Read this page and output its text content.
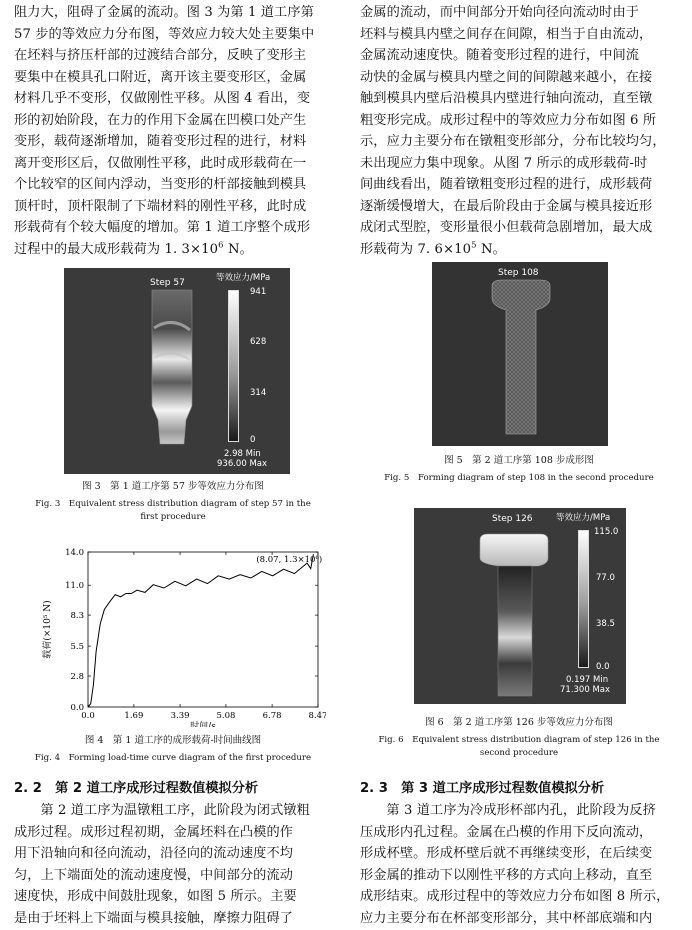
阻力大，阻碍了金属的流动。图 3 为第 1 道工序第

57 步的等效应力分布图，等效应力较大处主要集中

在坯料与挤压杆部的过渡结合部分，反映了变形主

要集中在模具孔口附近，离开该主要变形区，金属

材料几乎不变形，仅做刚性平移。从图 4 看出，变

形的初始阶段，在力的作用下金属在凹模口处产生

变形，载荷逐渐增加，随着变形过程的进行，材料

离开变形区后，仅做刚性平移，此时成形载荷在一

个比较窄的区间内浮动，当变形的杆部接触到模具

顶杆时，顶杆限制了下端材料的刚性平移，此时成

形载荷有个较大幅度的增加。第 1 道工序整个成形

过程中的最大成形载荷为 1. $3\times 10^6$ N。

Step 57	等效应力/MPa
941
628
314
0
2.98 Min
936.00 Max

图 3　第 1 道工序第 57 步等效应力分布图

Fig. 3　Equivalent stress distribution diagram of step 57 in the

first procedure

0.0	1.69	3.39	5.08	6.78	8.47
0.0
2.8
5.5
8.3
11.0
14.0
(8.07, 1.3×10⁶)
时间/s
载荷(×10⁵ N)

图 4　第 1 道工序的成形载荷-时间曲线图

Fig. 4　Forming load-time curve diagram of the first procedure

2. 2　第 2 道工序成形过程数值模拟分析

第 2 道工序为温镦粗工序，此阶段为闭式镦粗

成形过程。成形过程初期，金属坯料在凸模的作

用下沿轴向和径向流动，沿径向的流动速度不均

匀，上下端面处的流动速度慢，中间部分的流动

速度快，形成中间鼓肚现象，如图 5 所示。主要

是由于坯料上下端面与模具接触，摩擦力阻碍了

金属的流动，而中间部分开始向径向流动时由于

坯料与模具内壁之间存在间隙，相当于自由流动，

金属流动速度快。随着变形过程的进行，中间流

动快的金属与模具内壁之间的间隙越来越小，在接

触到模具内壁后沿模具内壁进行轴向流动，直至镦

粗变形完成。成形过程中的等效应力分布如图 6 所

示，应力主要分布在镦粗变形部分，分布比较均匀，

未出现应力集中现象。从图 7 所示的成形载荷-时

间曲线看出，随着镦粗变形过程的进行，成形载荷

逐渐缓慢增大，在最后阶段由于金属与模具接近形

成闭式型腔，变形量很小但载荷急剧增加，最大成

形载荷为 7. $6\times 10^5$ N。

Step 108

图 5　第 2 道工序第 108 步成形图

Fig. 5　Forming diagram of step 108 in the second procedure

Step 126	等效应力/MPa
115.0
77.0
38.5
0.0
0.197 Min
71.300 Max

图 6　第 2 道工序第 126 步等效应力分布图

Fig. 6　Equivalent stress distribution diagram of step 126 in the

second procedure

2. 3　第 3 道工序成形过程数值模拟分析

第 3 道工序为冷成形杯部内孔，此阶段为反挤

压成形内孔过程。金属在凸模的作用下反向流动，

形成杯壁。形成杯壁后就不再继续变形，在后续变

形金属的推动下以刚性平移的方式向上移动，直至

成形结束。成形过程中的等效应力分布如图 8 所示，

应力主要分布在杯部变形部分，其中杯部底端和内
